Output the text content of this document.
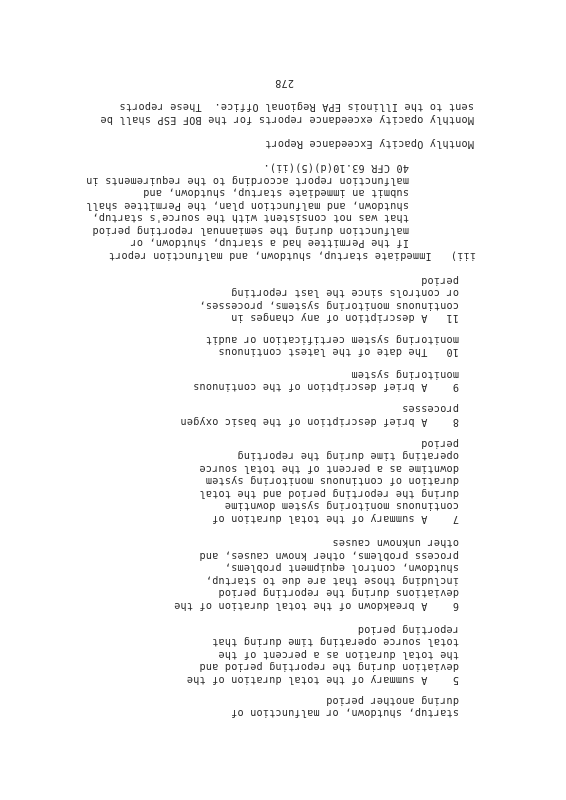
startup, shutdown, or malfunction of
during another period
5    A summary of the total duration of the
deviation during the reporting period and
the total duration as a percent of the
total source operating time during that
reporting period
6    A breakdown of the total duration of the
deviations during the reporting period
including those that are due to startup,
shutdown, control equipment problems,
process problems, other known causes, and
other unknown causes
7    A summary of the total duration of
continuous monitoring system downtime
during the reporting period and the total
duration of continuous monitoring system
downtime as a percent of the total source
operating time during the reporting
period
8    A brief description of the basic oxygen
processes
9    A brief description of the continuous
monitoring system
10   The date of the latest continuous
monitoring system certification or audit
11   A description of any changes in
continuous monitoring systems, processes,
or controls since the last reporting
period
iii)   Immediate startup, shutdown, and malfunction report
If the Permittee had a startup, shutdown, or
malfunction during the semiannual reporting period
that was not consistent with the source's startup,
shutdown, and malfunction plan, the Permittee shall
submit an immediate startup, shutdown, and
malfunction report according to the requirements in
40 CFR 63.10(d)(5)(ii).
Monthly Opacity Exceedance Report
Monthly opacity exceedance reports for the BOF ESP shall be
sent to the Illinois EPA Regional Office.  These reports
278
